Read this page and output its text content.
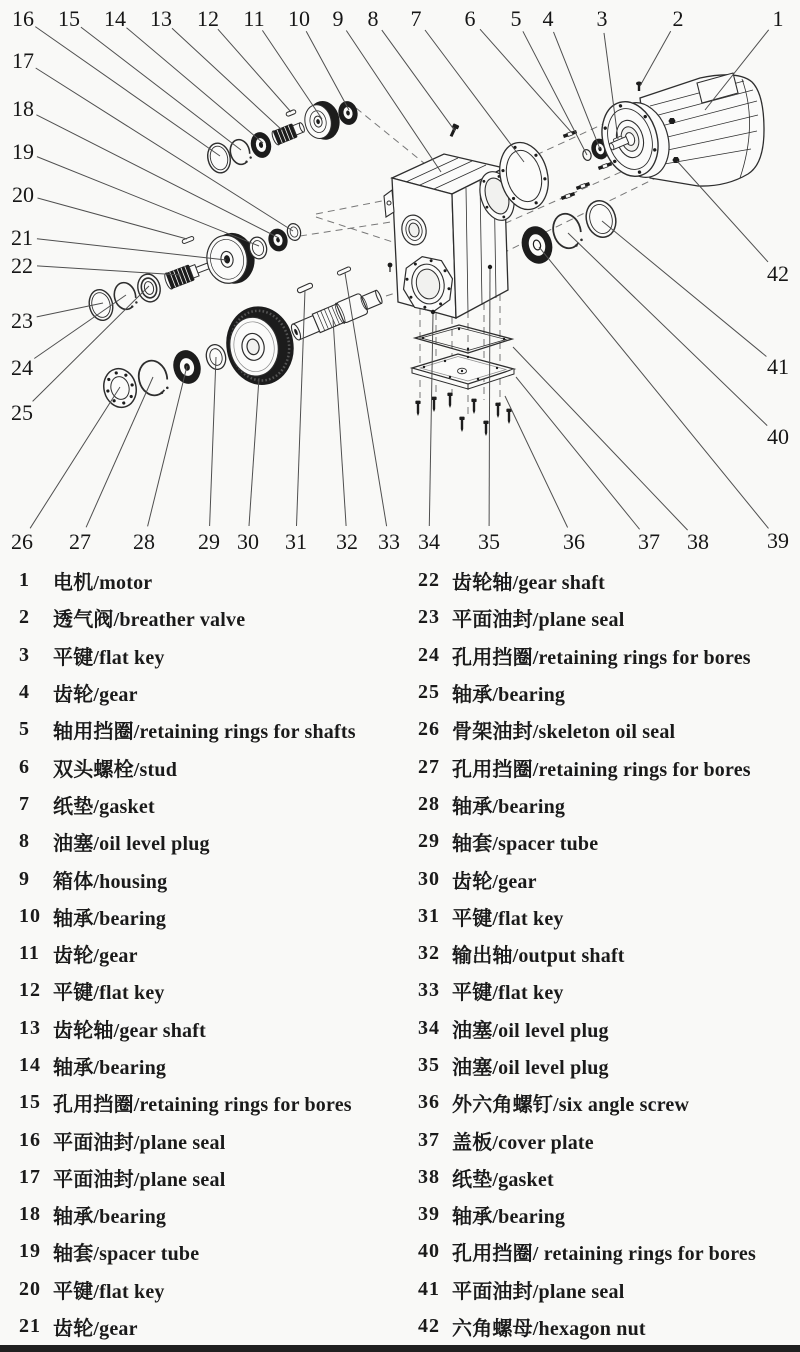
1
2
3
4
5
6
7
8
9
10
11
12
13
14
15
16
17
18
19
20
21
22
23
24
25
26 27 28 29 30 31 32 33 34 35	36 37 38	39
40
41
42
1	电机/motor
2	透气阀/breather valve
3	平键/flat key
4	齿轮/gear
5	轴用挡圈/retaining rings for shafts
6	双头螺栓/stud
7	纸垫/gasket
8	油塞/oil level plug
9	箱体/housing
10 轴承/bearing
11 齿轮/gear
12 平键/flat key
13 齿轮轴/gear shaft
14 轴承/bearing
15 孔用挡圈/retaining rings for bores
16 平面油封/plane seal
17 平面油封/plane seal
18 轴承/bearing
19 轴套/spacer tube
20 平键/flat key
21 齿轮/gear
22 齿轮轴/gear shaft
23 平面油封/plane seal
24 孔用挡圈/retaining rings for bores
25 轴承/bearing
26 骨架油封/skeleton oil seal
27 孔用挡圈/retaining rings for bores
28 轴承/bearing
29 轴套/spacer tube
30 齿轮/gear
31 平键/flat key
32 输出轴/output shaft
33 平键/flat key
34 油塞/oil level plug
35 油塞/oil level plug
36 外六角螺钉/six angle screw
37 盖板/cover plate
38 纸垫/gasket
39 轴承/bearing
40 孔用挡圈/ retaining rings for bores
41 平面油封/plane seal
42 六角螺母/hexagon nut
